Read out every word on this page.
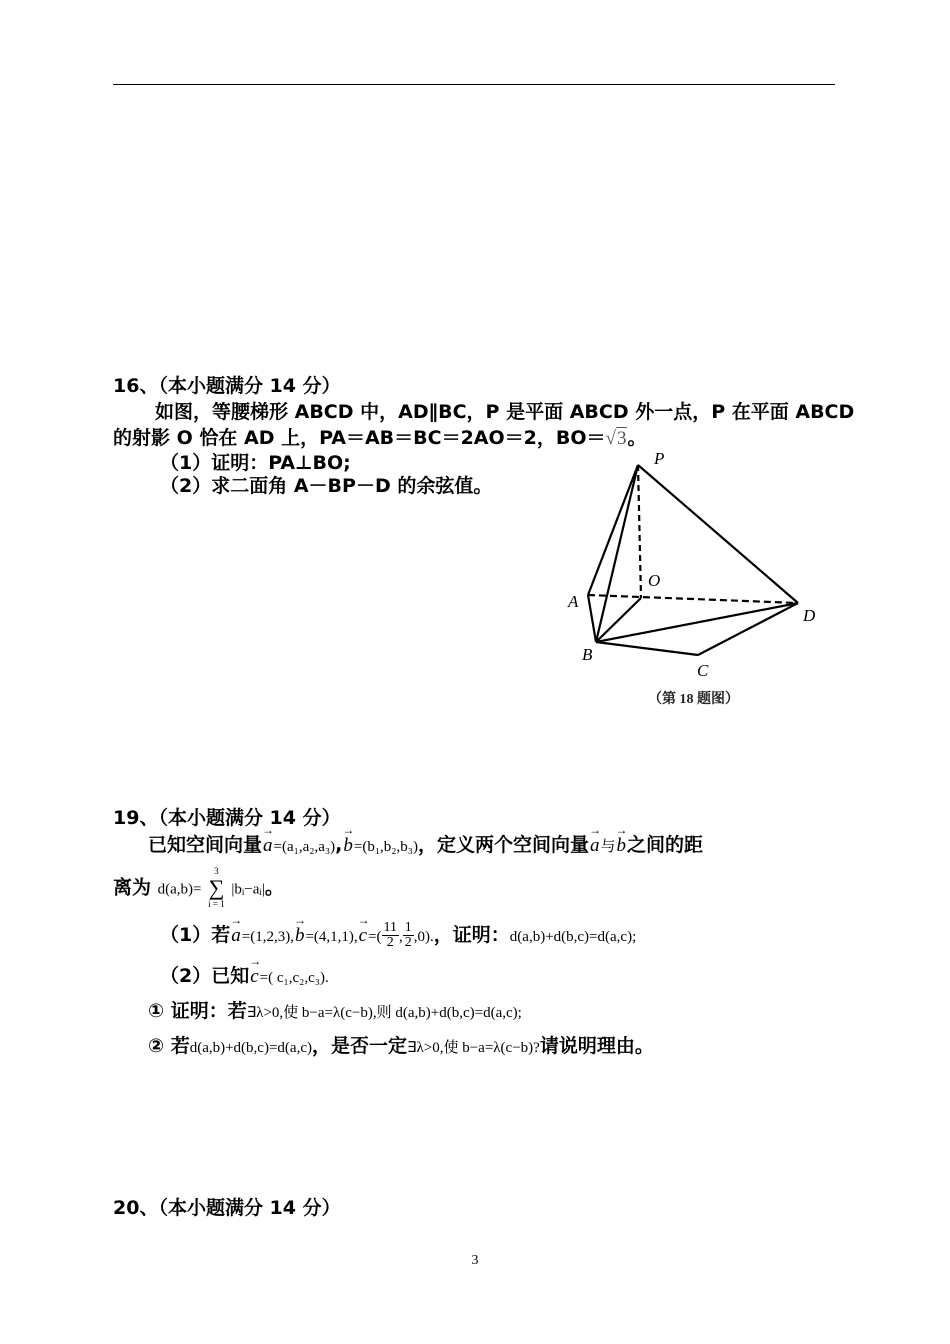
16、（本小题满分 14 分）
如图，等腰梯形 ABCD 中，AD∥BC，P 是平面 ABCD 外一点，P 在平面 ABCD
的射影 O 恰在 AD 上，PA＝AB＝BC＝2AO＝2，BO＝√3。
（1）证明：PA⊥BO;
（2）求二面角 A－BP－D 的余弦值。
P
O
A
B
C
D
（第 18 题图）
19、（本小题满分 14 分）
已知空间向量→ a=(a₁,a₂,a₃),→ b=(b₁,b₂,b₃)，定义两个空间向量→ a与→ b之间的距
离为 d(a,b)=
3
∑
i = 1
|bᵢ−aᵢ|。
（1）若→ $a=(1,2,3),\to b=(4,1,1),\to c=( \frac{11}{2}$ , $\frac{1}{2} ,0$).，证明：d(a,b)+d(b,c)=d(a,c);
（2）已知→ c=( c₁,c₂,c₃).
① 证明：若∃λ>0,使 b−a=λ(c−b),则 d(a,b)+d(b,c)=d(a,c);
② 若d(a,b)+d(b,c)=d(a,c)，是否一定∃λ>0,使 b−a=λ(c−b)?请说明理由。
20、（本小题满分 14 分）
3
